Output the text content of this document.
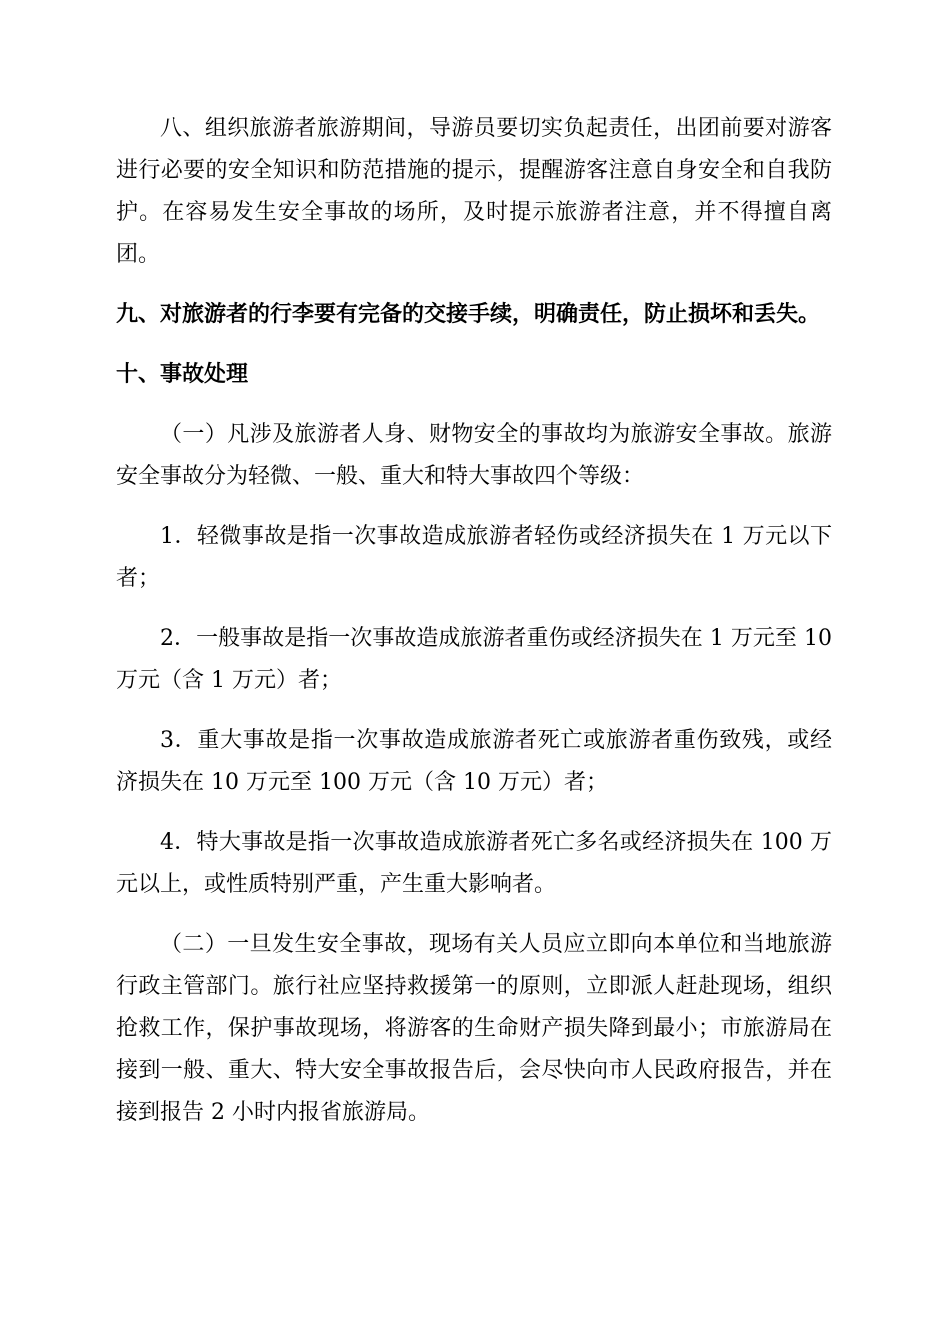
八、组织旅游者旅游期间，导游员要切实负起责任，出团前要对游客进行必要的安全知识和防范措施的提示，提醒游客注意自身安全和自我防护。在容易发生安全事故的场所，及时提示旅游者注意，并不得擅自离团。

九、对旅游者的行李要有完备的交接手续，明确责任，防止损坏和丢失。

十、事故处理

（一）凡涉及旅游者人身、财物安全的事故均为旅游安全事故。旅游安全事故分为轻微、一般、重大和特大事故四个等级：

1．轻微事故是指一次事故造成旅游者轻伤或经济损失在 1 万元以下者；

2．一般事故是指一次事故造成旅游者重伤或经济损失在 1 万元至 10 万元（含 1 万元）者；

3．重大事故是指一次事故造成旅游者死亡或旅游者重伤致残，或经济损失在 10 万元至 100 万元（含 10 万元）者；

4．特大事故是指一次事故造成旅游者死亡多名或经济损失在 100 万元以上，或性质特别严重，产生重大影响者。

（二）一旦发生安全事故，现场有关人员应立即向本单位和当地旅游行政主管部门。旅行社应坚持救援第一的原则，立即派人赶赴现场，组织抢救工作，保护事故现场，将游客的生命财产损失降到最小；市旅游局在接到一般、重大、特大安全事故报告后，会尽快向市人民政府报告，并在接到报告 2 小时内报省旅游局。
